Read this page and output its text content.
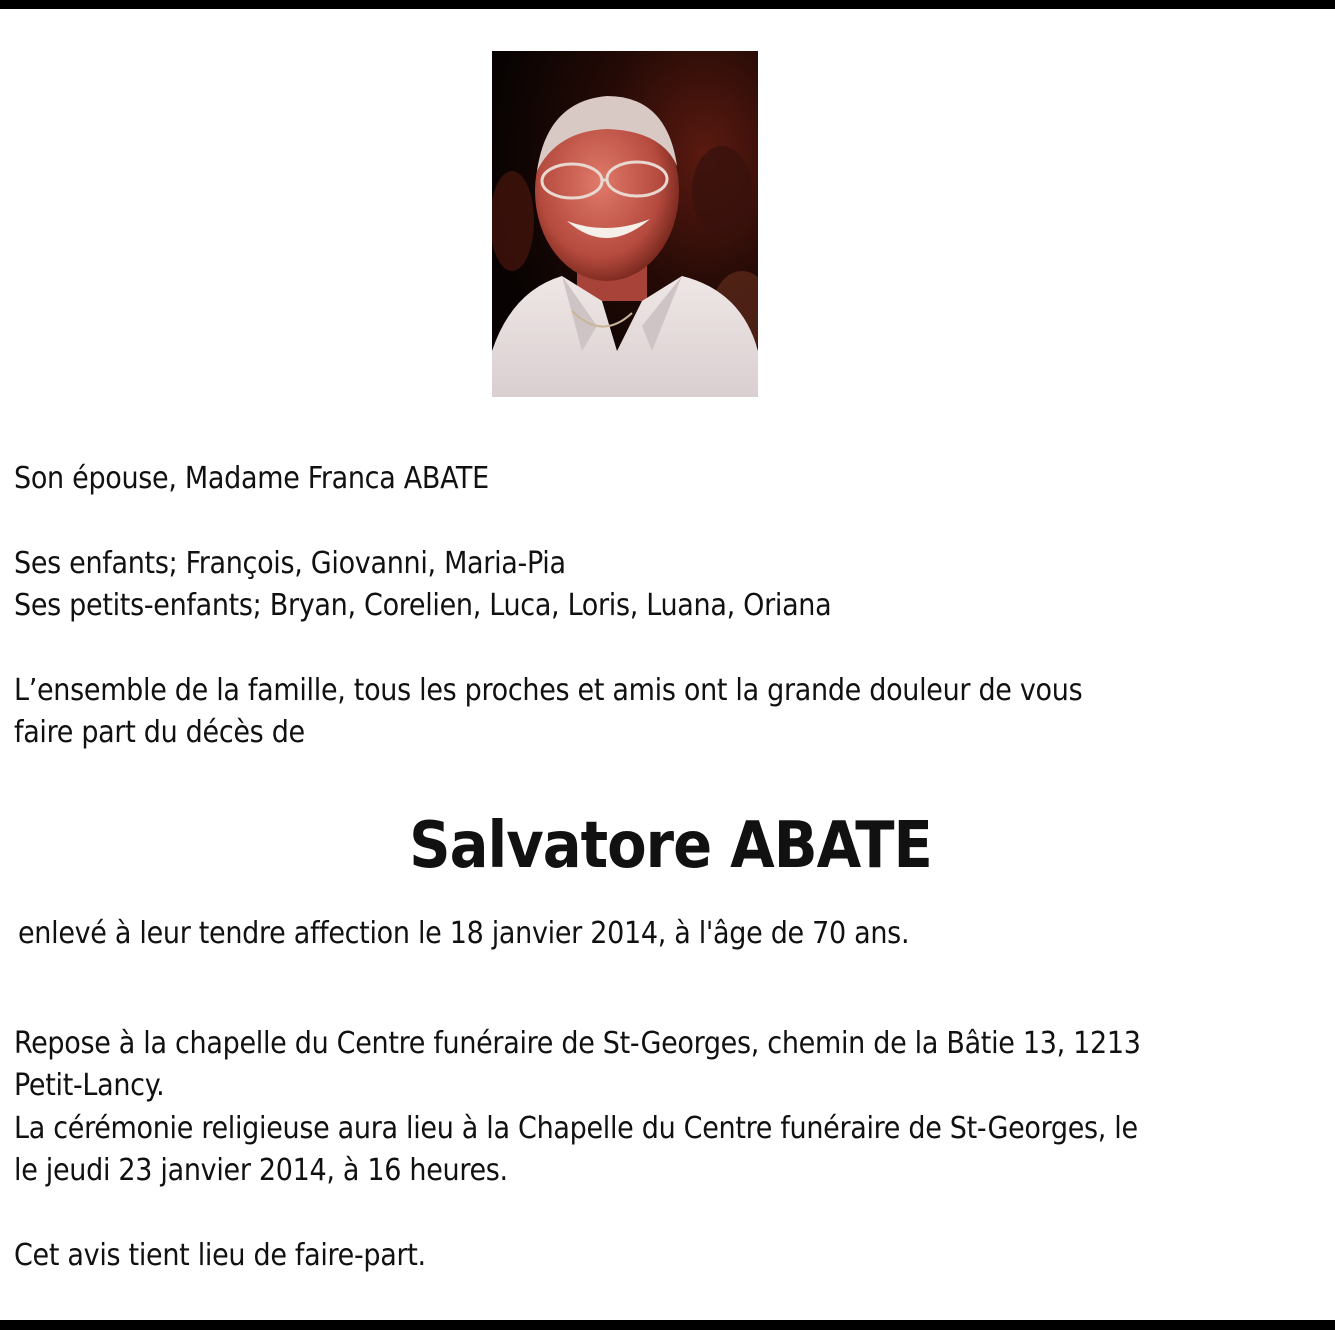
Son épouse, Madame Franca ABATE

Ses enfants; François, Giovanni, Maria-Pia

Ses petits-enfants; Bryan, Corelien, Luca, Loris, Luana, Oriana

L’ensemble de la famille, tous les proches et amis ont la grande douleur de vous

faire part du décès de

Salvatore ABATE

enlevé à leur tendre affection le 18 janvier 2014, à l'âge de 70 ans.

Repose à la chapelle du Centre funéraire de St-Georges, chemin de la Bâtie 13, 1213

Petit-Lancy.

La cérémonie religieuse aura lieu à la Chapelle du Centre funéraire de St-Georges, le

le jeudi 23 janvier 2014, à 16 heures.

Cet avis tient lieu de faire-part.
